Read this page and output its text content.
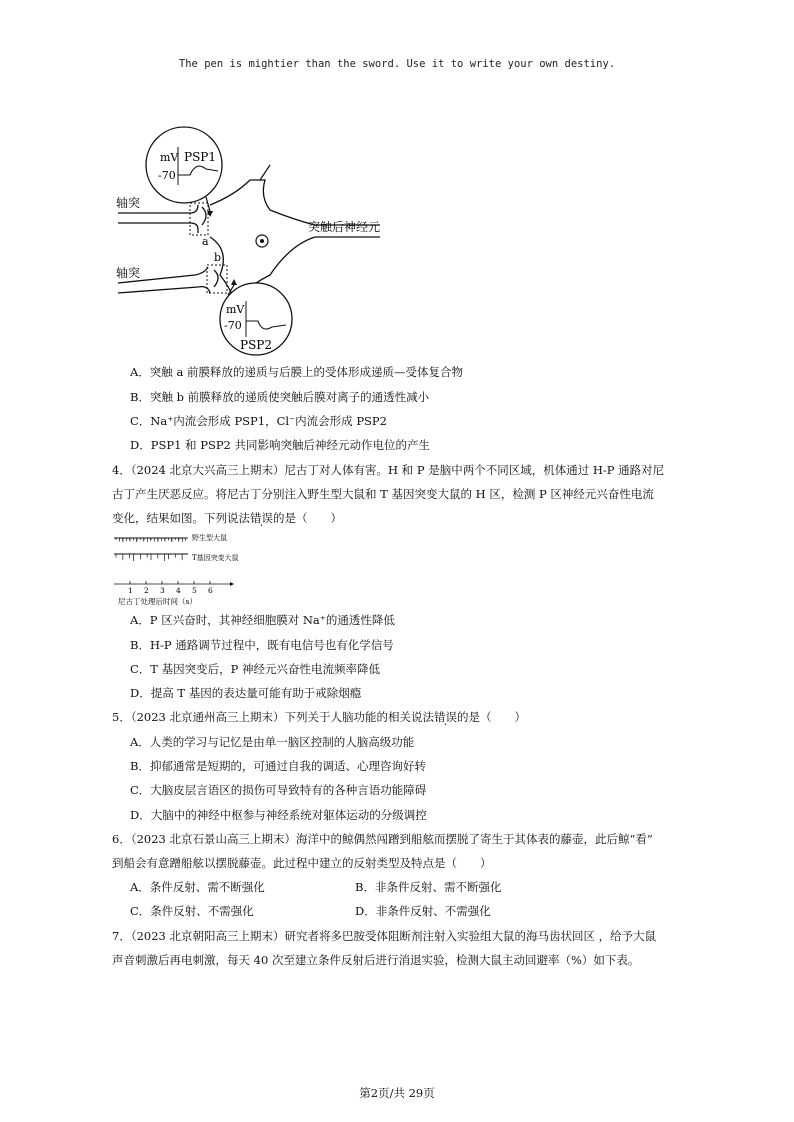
The pen is mightier than the sword. Use it to write your own destiny.
轴突
轴突
突触后神经元
a
b
mV
-70
PSP1
mV
-70
PSP2
A．突触 a 前膜释放的递质与后膜上的受体形成递质—受体复合物
B．突触 b 前膜释放的递质使突触后膜对离子的通透性减小
C．Na⁺内流会形成 PSP1，Cl⁻内流会形成 PSP2
D．PSP1 和 PSP2 共同影响突触后神经元动作电位的产生
4．（2024 北京大兴高三上期末）尼古丁对人体有害。H 和 P 是脑中两个不同区域，机体通过 H-P 通路对尼
古丁产生厌恶反应。将尼古丁分别注入野生型大鼠和 T 基因突变大鼠的 H 区，检测 P 区神经元兴奋性电流
变化，结果如图。下列说法错误的是（　　）
野生型大鼠
T基因突变大鼠
1 2 3 4 5 6
尼古丁处理后时间（s）
A．P 区兴奋时，其神经细胞膜对 Na⁺的通透性降低
B．H-P 通路调节过程中，既有电信号也有化学信号
C．T 基因突变后，P 神经元兴奋性电流频率降低
D．提高 T 基因的表达量可能有助于戒除烟瘾
5．（2023 北京通州高三上期末）下列关于人脑功能的相关说法错误的是（　　）
A．人类的学习与记忆是由单一脑区控制的人脑高级功能
B．抑郁通常是短期的，可通过自我的调适、心理咨询好转
C．大脑皮层言语区的损伤可导致特有的各种言语功能障碍
D．大脑中的神经中枢参与神经系统对躯体运动的分级调控
6．（2023 北京石景山高三上期末）海洋中的鲸偶然闯蹭到船舷而摆脱了寄生于其体表的藤壶，此后鲸“看”
到船会有意蹭船舷以摆脱藤壶。此过程中建立的反射类型及特点是（　　）
A．条件反射、需不断强化	B．非条件反射、需不断强化
C．条件反射、不需强化	D．非条件反射、不需强化
7．（2023 北京朝阳高三上期末）研究者将多巴胺受体阻断剂注射入实验组大鼠的海马齿状回区 ，给予大鼠
声音刺激后再电刺激，每天 40 次至建立条件反射后进行消退实验，检测大鼠主动回避率（%）如下表。
第2页/共 29页
